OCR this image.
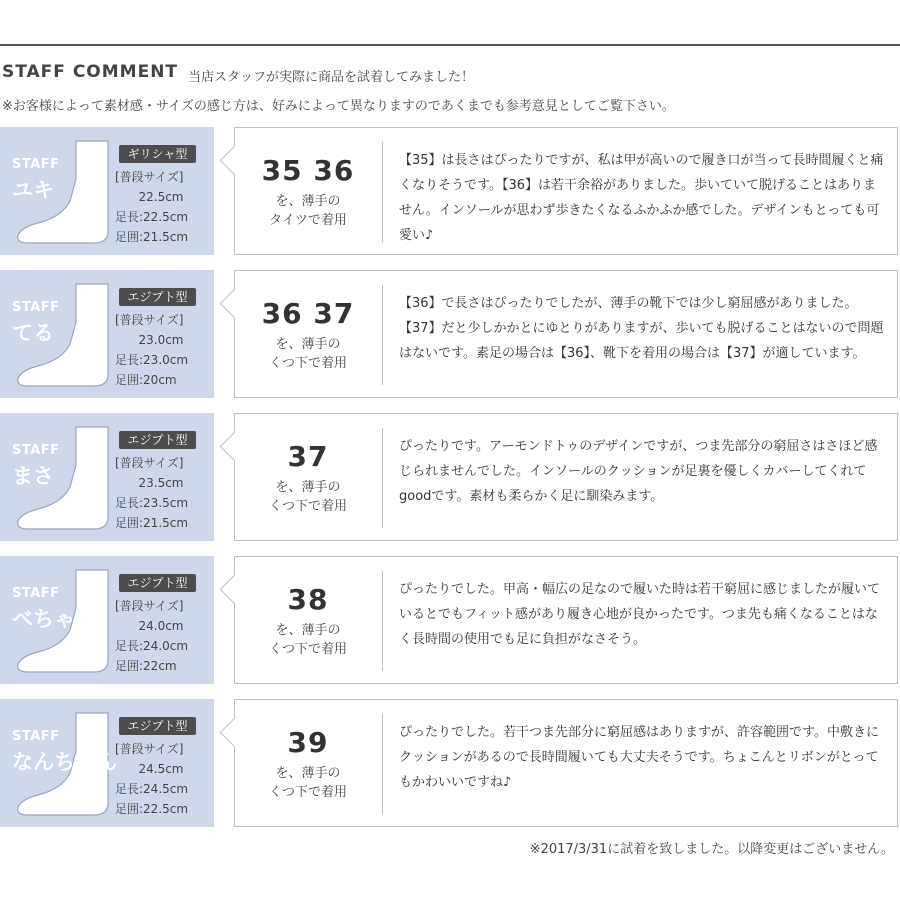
STAFF COMMENT 当店スタッフが実際に商品を試着してみました！
※お客様によって素材感・サイズの感じ方は、好みによって異なりますのであくまでも参考意見としてご覧下さい。
STAFF
ユキ
ギリシャ型
[普段サイズ]
22.5cm
足長:22.5cm
足囲:21.5cm
35 36
を、薄手の
タイツで着用
【35】は長さはぴったりですが、私は甲が高いので履き口が当って長時間履くと痛くなりそうです。【36】は若干余裕がありました。歩いていて脱げることはありません。インソールが思わず歩きたくなるふかふか感でした。デザインもとっても可愛い♪
STAFF
てる
エジプト型
[普段サイズ]
23.0cm
足長:23.0cm
足囲:20cm
36 37
を、薄手の
くつ下で着用
【36】で長さはぴったりでしたが、薄手の靴下では少し窮屈感がありました。【37】だと少しかかとにゆとりがありますが、歩いても脱げることはないので問題はないです。素足の場合は【36】、靴下を着用の場合は【37】が適しています。
STAFF
まさ
エジプト型
[普段サイズ]
23.5cm
足長:23.5cm
足囲:21.5cm
37
を、薄手の
くつ下で着用
ぴったりです。アーモンドトゥのデザインですが、つま先部分の窮屈さはさほど感じられませんでした。インソールのクッションが足裏を優しくカバーしてくれてgoodです。素材も柔らかく足に馴染みます。
STAFF
べちゃん
エジプト型
[普段サイズ]
24.0cm
足長:24.0cm
足囲:22cm
38
を、薄手の
くつ下で着用
ぴったりでした。甲高・幅広の足なので履いた時は若干窮屈に感じましたが履いているとでもフィット感があり履き心地が良かったです。つま先も痛くなることはなく長時間の使用でも足に負担がなさそう。
STAFF
なんちゃん
エジプト型
[普段サイズ]
24.5cm
足長:24.5cm
足囲:22.5cm
39
を、薄手の
くつ下で着用
ぴったりでした。若干つま先部分に窮屈感はありますが、許容範囲です。中敷きにクッションがあるので長時間履いても大丈夫そうです。ちょこんとリボンがとってもかわいいですね♪
※2017/3/31に試着を致しました。以降変更はございません。
